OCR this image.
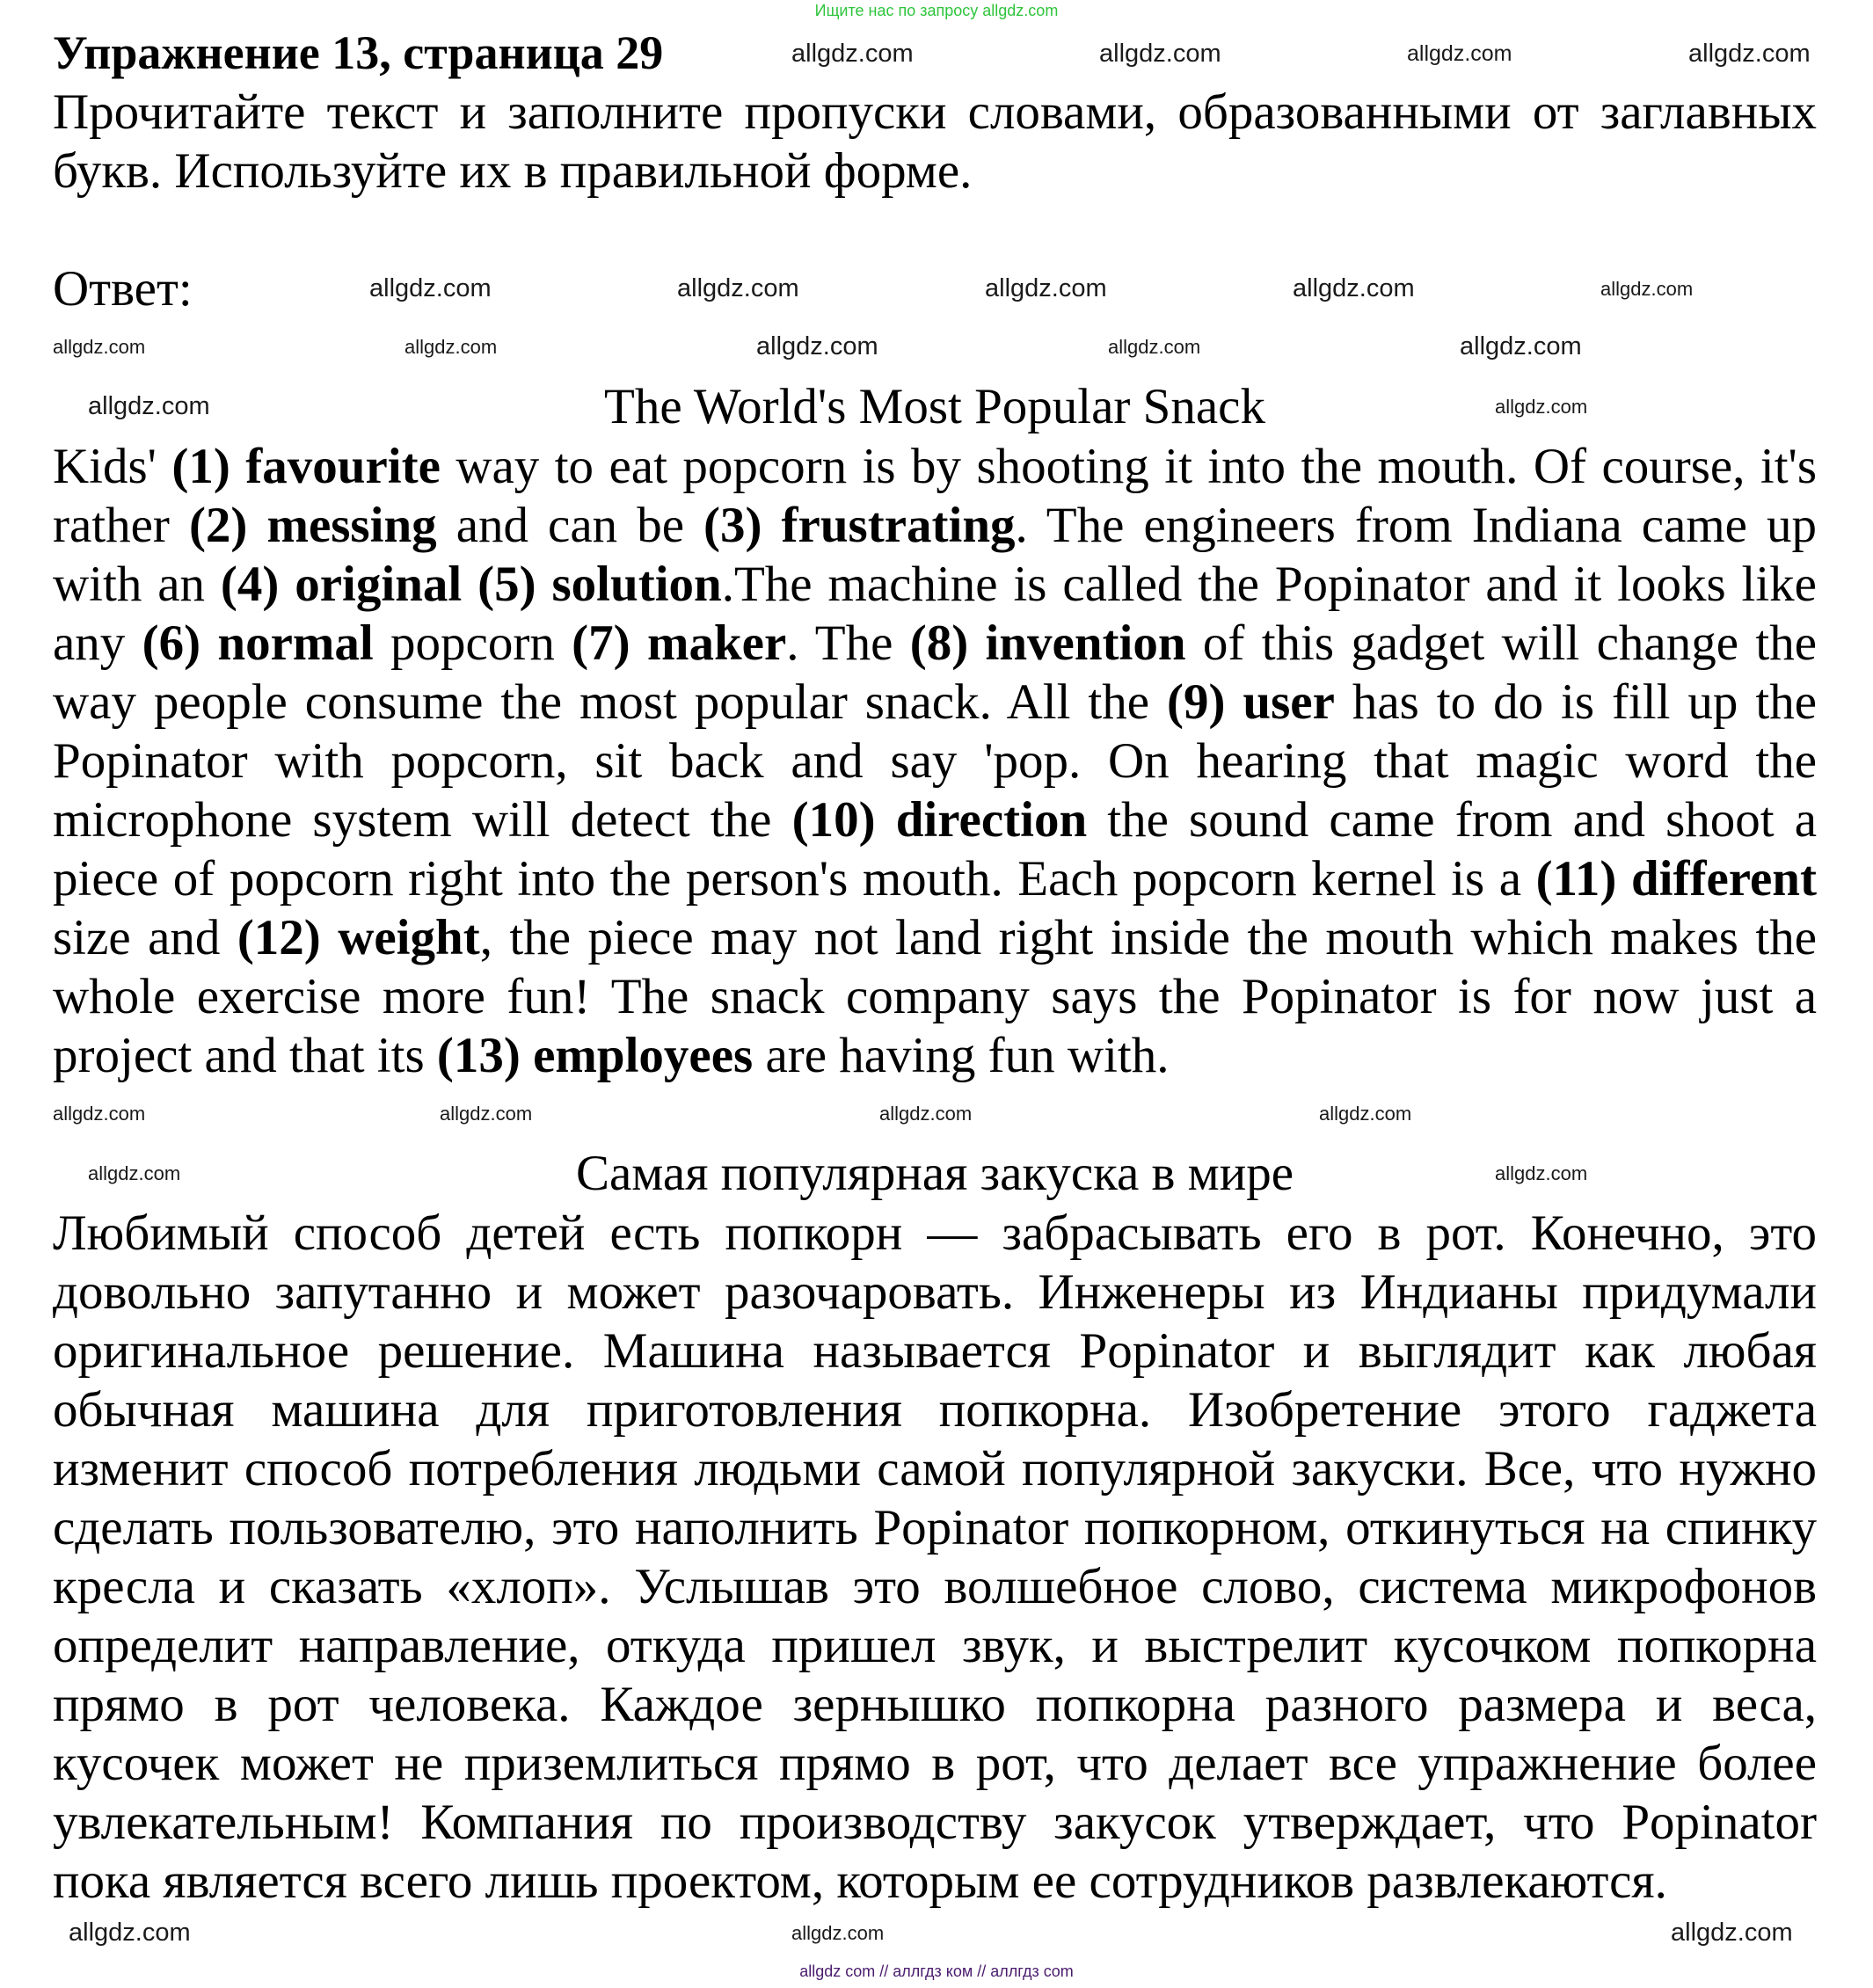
Ищите нас по запросу allgdz.com
Упражнение 13, страница 29
Прочитайте текст и заполните пропуски словами, образованными от заглавных
букв. Используйте их в правильной форме.
Ответ:
The World's Most Popular Snack
Kids' (1) favourite way to eat popcorn is by shooting it into the mouth. Of course, it's
rather (2) messing and can be (3) frustrating. The engineers from Indiana came up
with an (4) original (5) solution.The machine is called the Popinator and it looks like
any (6) normal popcorn (7) maker. The (8) invention of this gadget will change the
way people consume the most popular snack. All the (9) user has to do is fill up the
Popinator with popcorn, sit back and say 'pop. On hearing that magic word the
microphone system will detect the (10) direction the sound came from and shoot a
piece of popcorn right into the person's mouth. Each popcorn kernel is a (11) different
size and (12) weight, the piece may not land right inside the mouth which makes the
whole exercise more fun! The snack company says the Popinator is for now just a
project and that its (13) employees are having fun with.
Самая популярная закуска в мире
Любимый способ детей есть попкорн — забрасывать его в рот. Конечно, это
довольно запутанно и может разочаровать. Инженеры из Индианы придумали
оригинальное решение. Машина называется Popinator и выглядит как любая
обычная машина для приготовления попкорна. Изобретение этого гаджета
изменит способ потребления людьми самой популярной закуски. Все, что нужно
сделать пользователю, это наполнить Popinator попкорном, откинуться на спинку
кресла и сказать «хлоп». Услышав это волшебное слово, система микрофонов
определит направление, откуда пришел звук, и выстрелит кусочком попкорна
прямо в рот человека. Каждое зернышко попкорна разного размера и веса,
кусочек может не приземлиться прямо в рот, что делает все упражнение более
увлекательным! Компания по производству закусок утверждает, что Popinator
пока является всего лишь проектом, которым ее сотрудников развлекаются.
allgdz.com	allgdz.com	allgdz.com	allgdz.com
allgdz.com	allgdz.com	allgdz.com	allgdz.com	allgdz.com
allgdz.com	allgdz.com	allgdz.com	allgdz.com	allgdz.com
allgdz.com	allgdz.com
allgdz.com	allgdz.com	allgdz.com	allgdz.com
allgdz.com	allgdz.com
allgdz.com	allgdz.com
allgdz.com
allgdz com // аллгдз ком // аллгдз com
